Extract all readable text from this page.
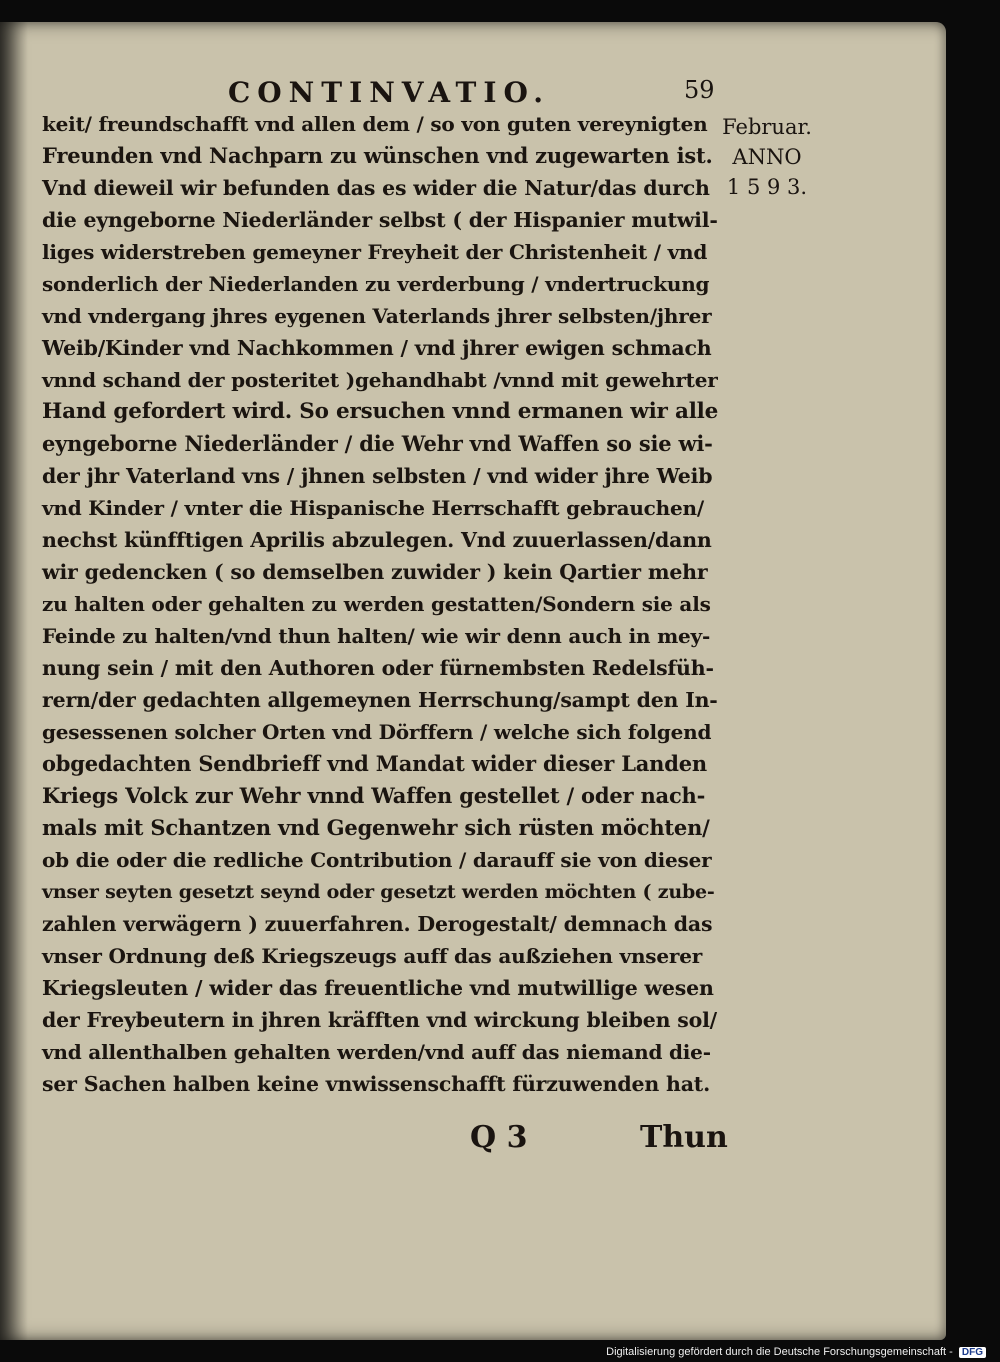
CONTINVATIO.	59
Februar.
ANNO
1 5 9 3.
keit/ freundschafft vnd allen dem / so von guten vereynigten
Freunden vnd Nachparn zu wünschen vnd zugewarten ist.
Vnd dieweil wir befunden das es wider die Natur/das durch
die eyngeborne Niederländer selbst ( der Hispanier mutwil-
liges widerstreben gemeyner Freyheit der Christenheit / vnd
sonderlich der Niederlanden zu verderbung / vndertruckung
vnd vndergang jhres eygenen Vaterlands jhrer selbsten/jhrer
Weib/Kinder vnd Nachkommen / vnd jhrer ewigen schmach
vnnd schand der posteritet )gehandhabt /vnnd mit gewehrter
Hand gefordert wird. So ersuchen vnnd ermanen wir alle
eyngeborne Niederländer / die Wehr vnd Waffen so sie wi-
der jhr Vaterland vns / jhnen selbsten / vnd wider jhre Weib
vnd Kinder / vnter die Hispanische Herrschafft gebrauchen/
nechst künfftigen Aprilis abzulegen. Vnd zuuerlassen/dann
wir gedencken ( so demselben zuwider ) kein Qartier mehr
zu halten oder gehalten zu werden gestatten/Sondern sie als
Feinde zu halten/vnd thun halten/ wie wir denn auch in mey-
nung sein / mit den Authoren oder fürnembsten Redelsfüh-
rern/der gedachten allgemeynen Herrschung/sampt den In-
gesessenen solcher Orten vnd Dörffern / welche sich folgend
obgedachten Sendbrieff vnd Mandat wider dieser Landen
Kriegs Volck zur Wehr vnnd Waffen gestellet / oder nach-
mals mit Schantzen vnd Gegenwehr sich rüsten möchten/
ob die oder die redliche Contribution / darauff sie von dieser
vnser seyten gesetzt seynd oder gesetzt werden möchten ( zube-
zahlen verwägern ) zuuerfahren. Derogestalt/ demnach das
vnser Ordnung deß Kriegszeugs auff das außziehen vnserer
Kriegsleuten / wider das freuentliche vnd mutwillige wesen
der Freybeutern in jhren kräfften vnd wirckung bleiben sol/
vnd allenthalben gehalten werden/vnd auff das niemand die-
ser Sachen halben keine vnwissenschafft fürzuwenden hat.
Q 3	Thun
Digitalisierung gefördert durch die Deutsche Forschungsgemeinschaft - DFG
